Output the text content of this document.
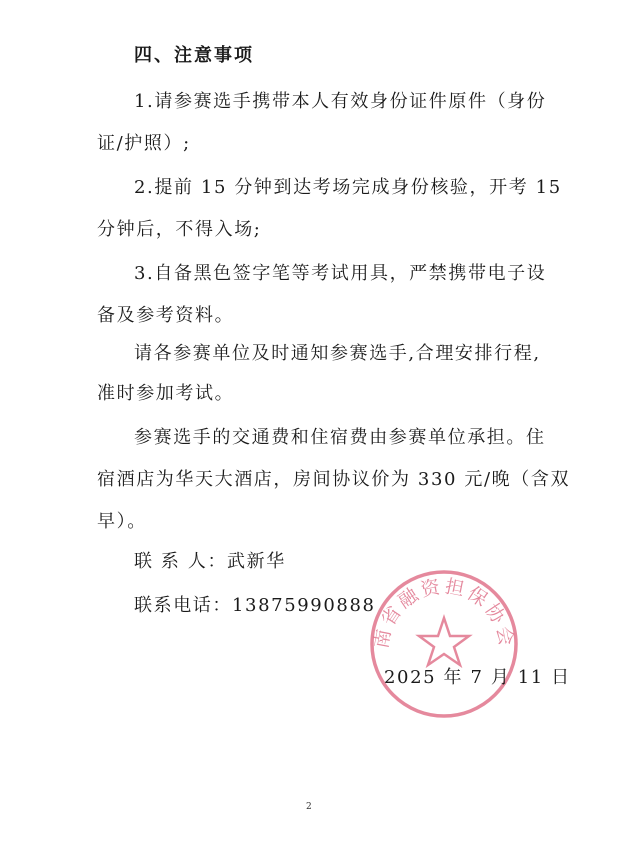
四、注意事项
1.请参赛选手携带本人有效身份证件原件（身份
证/护照）;
2.提前 15 分钟到达考场完成身份核验，开考 15
分钟后，不得入场;
3.自备黑色签字笔等考试用具，严禁携带电子设
备及参考资料。
请各参赛单位及时通知参赛选手,合理安排行程,
准时参加考试。
参赛选手的交通费和住宿费由参赛单位承担。住
宿酒店为华天大酒店，房间协议价为 330 元/晚（含双
早）。
联 系 人：武新华
联系电话：13875990888
南省融资担保协会
2025 年 7 月 11 日
2
